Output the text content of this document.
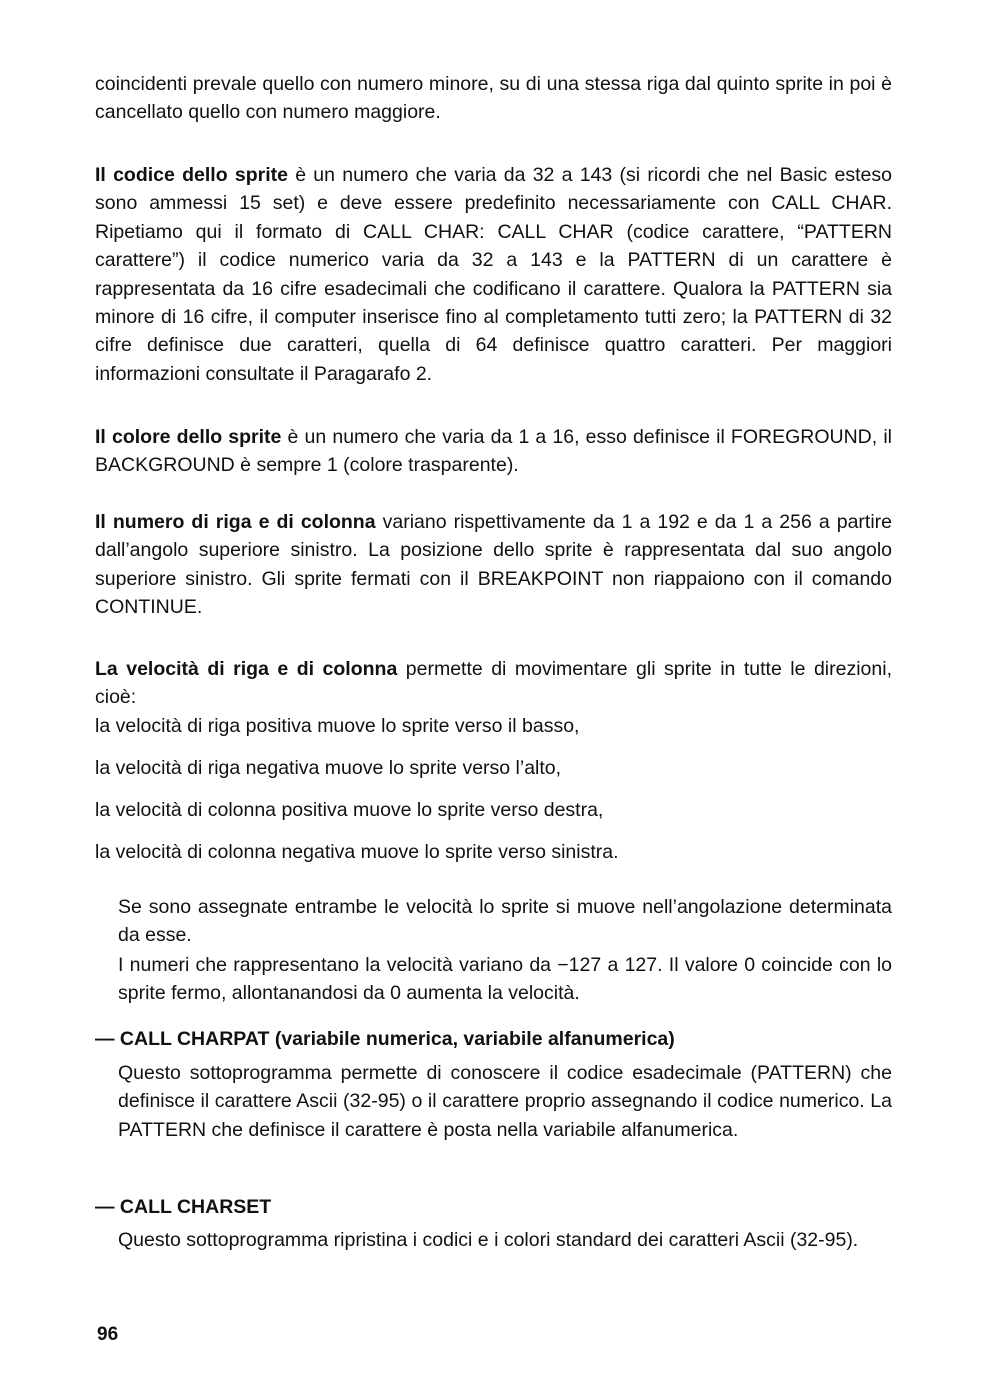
coincidenti prevale quello con numero minore, su di una stessa riga dal quinto sprite in poi è cancellato quello con numero maggiore.

Il codice dello sprite è un numero che varia da 32 a 143 (si ricordi che nel Basic esteso sono ammessi 15 set) e deve essere predefinito necessariamente con CALL CHAR. Ripetiamo qui il formato di CALL CHAR: CALL CHAR (codice carattere, “PATTERN carattere”) il codice numerico varia da 32 a 143 e la PATTERN di un carattere è rappresentata da 16 cifre esadecimali che codificano il carattere. Qualora la PATTERN sia minore di 16 cifre, il computer inserisce fino al completamento tutti zero; la PATTERN di 32 cifre definisce due caratteri, quella di 64 definisce quattro caratteri. Per maggiori informazioni consultate il Paragarafo 2.

Il colore dello sprite è un numero che varia da 1 a 16, esso definisce il FOREGROUND, il BACKGROUND è sempre 1 (colore trasparente).

Il numero di riga e di colonna variano rispettivamente da 1 a 192 e da 1 a 256 a partire dall’angolo superiore sinistro. La posizione dello sprite è rappresentata dal suo angolo superiore sinistro. Gli sprite fermati con il BREAKPOINT non riappaiono con il comando CONTINUE.

La velocità di riga e di colonna permette di movimentare gli sprite in tutte le direzioni, cioè:

la velocità di riga positiva muove lo sprite verso il basso,

la velocità di riga negativa muove lo sprite verso l’alto,

la velocità di colonna positiva muove lo sprite verso destra,

la velocità di colonna negativa muove lo sprite verso sinistra.

Se sono assegnate entrambe le velocità lo sprite si muove nell’angolazione determinata da esse.

I numeri che rappresentano la velocità variano da −127 a 127. Il valore 0 coincide con lo sprite fermo, allontanandosi da 0 aumenta la velocità.

— CALL CHARPAT (variabile numerica, variabile alfanumerica)

Questo sottoprogramma permette di conoscere il codice esadecimale (PATTERN) che definisce il carattere Ascii (32-95) o il carattere proprio assegnando il codice numerico. La PATTERN che definisce il carattere è posta nella variabile alfanumerica.

— CALL CHARSET

Questo sottoprogramma ripristina i codici e i colori standard dei caratteri Ascii (32-95).

96
